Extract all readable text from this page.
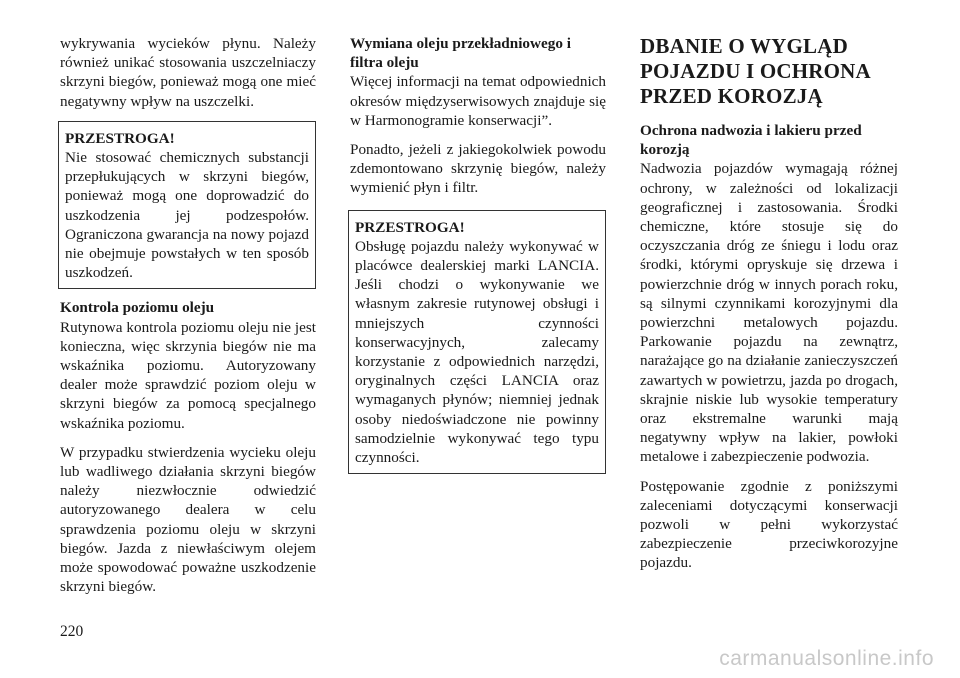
wykrywania wycieków płynu. Należy również unikać stosowania uszczelniaczy skrzyni biegów, ponieważ mogą one mieć negatywny wpływ na uszczelki.

PRZESTROGA!

Nie stosować chemicznych substancji przepłukujących w skrzyni biegów, ponieważ mogą one doprowadzić do uszkodzenia jej podzespołów. Ograniczona gwarancja na nowy pojazd nie obejmuje powstałych w ten sposób uszkodzeń.

Kontrola poziomu oleju

Rutynowa kontrola poziomu oleju nie jest konieczna, więc skrzynia biegów nie ma wskaźnika poziomu. Autoryzowany dealer może sprawdzić poziom oleju w skrzyni biegów za pomocą specjalnego wskaźnika poziomu.

W przypadku stwierdzenia wycieku oleju lub wadliwego działania skrzyni biegów należy niezwłocznie odwiedzić autoryzowanego dealera w celu sprawdzenia poziomu oleju w skrzyni biegów. Jazda z niewłaściwym olejem może spowodować poważne uszkodzenie skrzyni biegów.

Wymiana oleju przekładniowego i filtra oleju

Więcej informacji na temat odpowiednich okresów międzyserwisowych znajduje się w Harmonogramie konserwacji”.

Ponadto, jeżeli z jakiegokolwiek powodu zdemontowano skrzynię biegów, należy wymienić płyn i filtr.

PRZESTROGA!

Obsługę pojazdu należy wykonywać w placówce dealerskiej marki LANCIA. Jeśli chodzi o wykonywanie we własnym zakresie rutynowej obsługi i mniejszych czynności konserwacyjnych, zalecamy korzystanie z odpowiednich narzędzi, oryginalnych części LANCIA oraz wymaganych płynów; niemniej jednak osoby niedoświadczone nie powinny samodzielnie wykonywać tego typu czynności.

DBANIE O WYGLĄD POJAZDU I OCHRONA PRZED KOROZJĄ
Ochrona nadwozia i lakieru przed korozją

Nadwozia pojazdów wymagają różnej ochrony, w zależności od lokalizacji geograficznej i zastosowania. Środki chemiczne, które stosuje się do oczyszczania dróg ze śniegu i lodu oraz środki, którymi opryskuje się drzewa i powierzchnie dróg w innych porach roku, są silnymi czynnikami korozyjnymi dla powierzchni metalowych pojazdu. Parkowanie pojazdu na zewnątrz, narażające go na działanie zanieczyszczeń zawartych w powietrzu, jazda po drogach, skrajnie niskie lub wysokie temperatury oraz ekstremalne warunki mają negatywny wpływ na lakier, powłoki metalowe i zabezpieczenie podwozia.

Postępowanie zgodnie z poniższymi zaleceniami dotyczącymi konserwacji pozwoli w pełni wykorzystać zabezpieczenie przeciwkorozyjne pojazdu.

220
carmanualsonline.info
